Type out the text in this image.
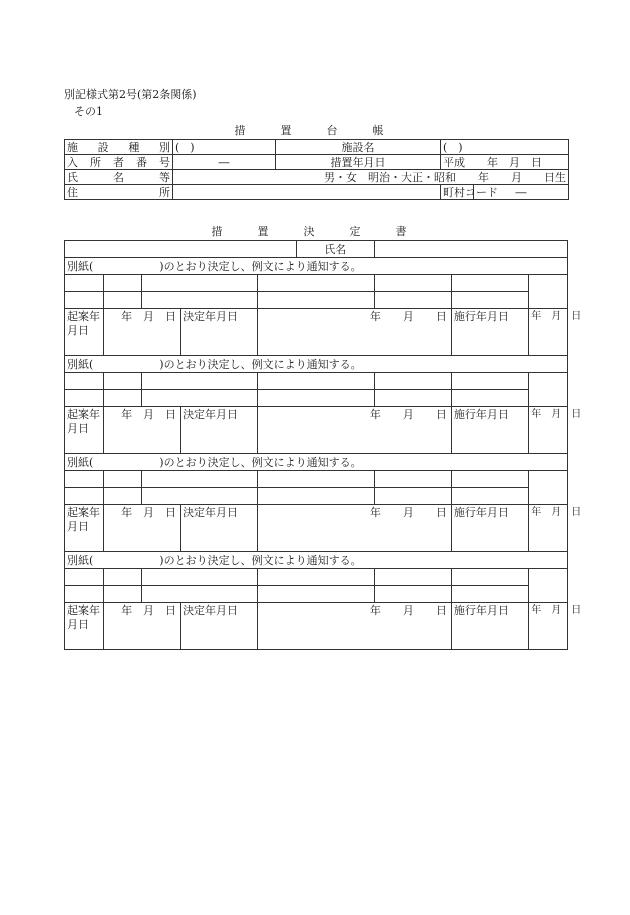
別記様式第2号(第2条関係)
その1
措　置　台　帳
施　設　種　別	(　)	施設名	(　)	
入　所　者　番　号	―	措置年月日	平成　　年　月　日	
氏　　名　　等	男・女　明治・大正・昭和　　年　　月　　日生			
住　　　　　所			町村コード	―
措　置　決　定　書
					氏名			
別紙(　　　　　　)のとおり決定し、例文により通知する。								

起案年月日	年　月　日		決定年月日	年　　月　　日			施行年月日	年　月　日
別紙(　　　　　　)のとおり決定し、例文により通知する。								

起案年月日	年　月　日		決定年月日	年　　月　　日			施行年月日	年　月　日
別紙(　　　　　　)のとおり決定し、例文により通知する。								

起案年月日	年　月　日		決定年月日	年　　月　　日			施行年月日	年　月　日
別紙(　　　　　　)のとおり決定し、例文により通知する。								

起案年月日	年　月　日		決定年月日	年　　月　　日			施行年月日	年　月　日
